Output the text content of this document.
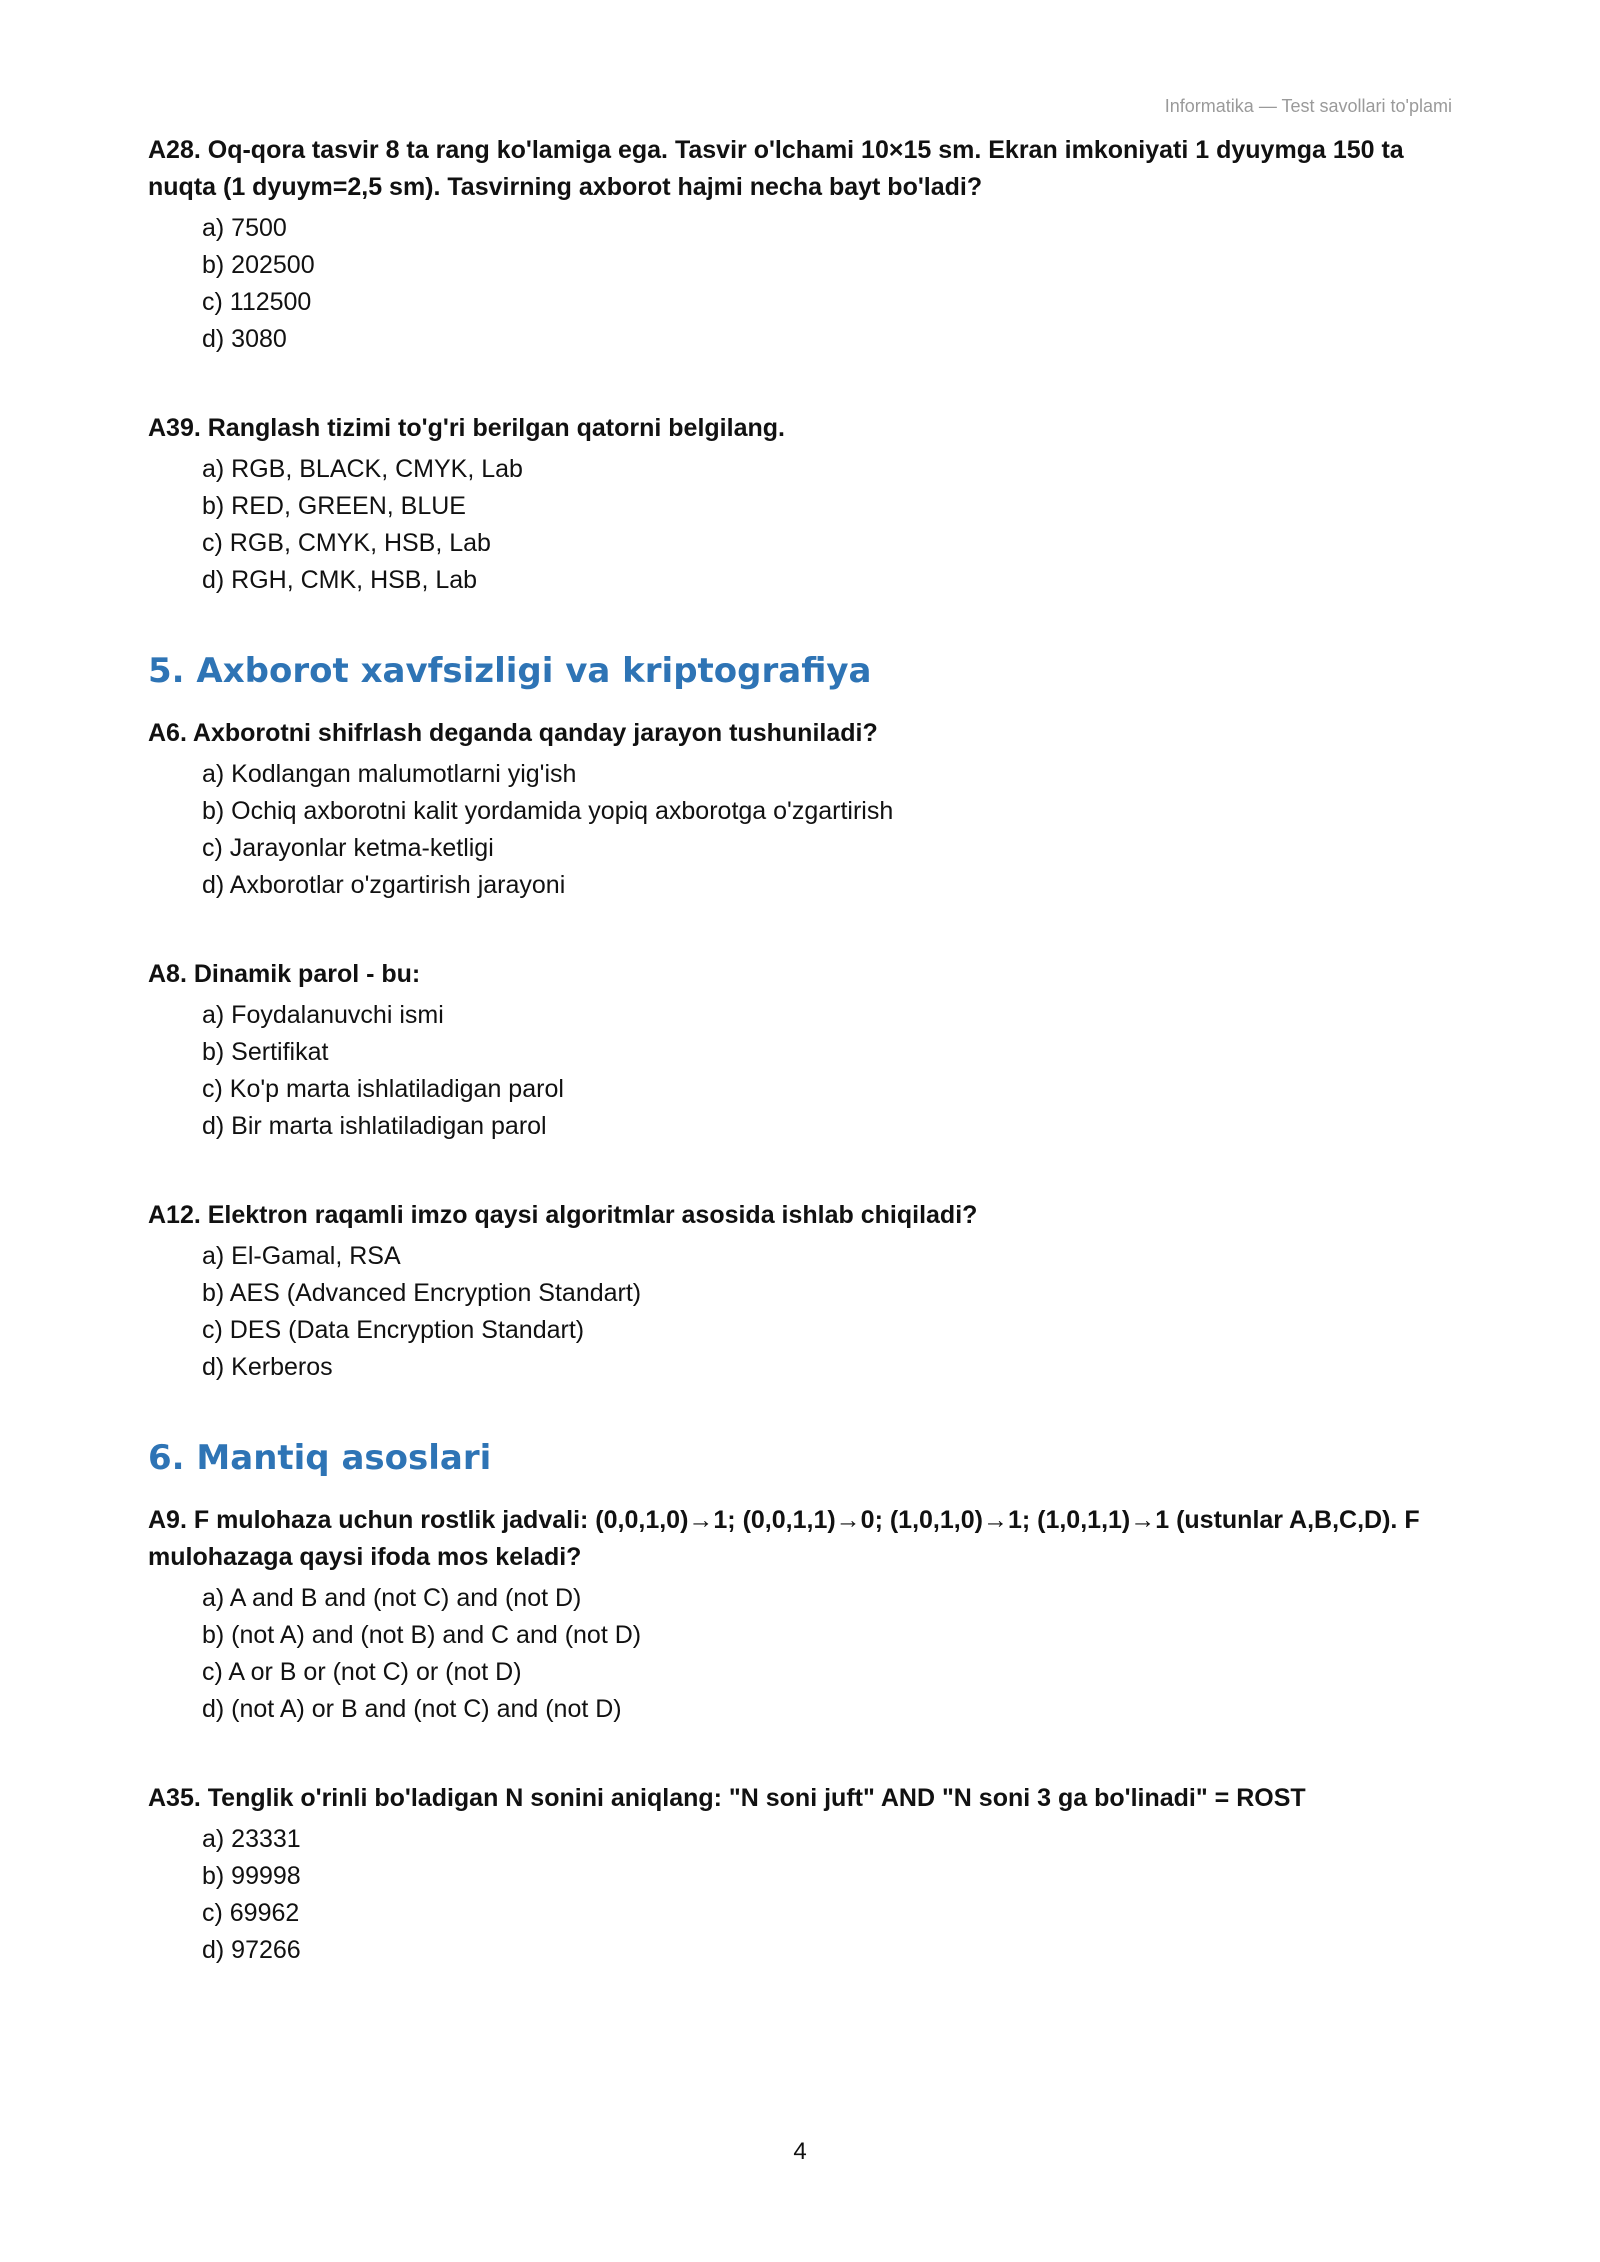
Informatika — Test savollari to'plami

A28. Oq-qora tasvir 8 ta rang ko'lamiga ega. Tasvir o'lchami 10×15 sm. Ekran imkoniyati 1 dyuymga 150 ta nuqta (1 dyuym=2,5 sm). Tasvirning axborot hajmi necha bayt bo'ladi?

a) 7500
b) 202500
c) 112500
d) 3080

A39. Ranglash tizimi to'g'ri berilgan qatorni belgilang.

a) RGB, BLACK, CMYK, Lab
b) RED, GREEN, BLUE
c) RGB, CMYK, HSB, Lab
d) RGH, CMK, HSB, Lab
5. Axborot xavfsizligi va kriptografiya

A6. Axborotni shifrlash deganda qanday jarayon tushuniladi?

a) Kodlangan malumotlarni yig'ish
b) Ochiq axborotni kalit yordamida yopiq axborotga o'zgartirish
c) Jarayonlar ketma-ketligi
d) Axborotlar o'zgartirish jarayoni

A8. Dinamik parol - bu:

a) Foydalanuvchi ismi
b) Sertifikat
c) Ko'p marta ishlatiladigan parol
d) Bir marta ishlatiladigan parol

A12. Elektron raqamli imzo qaysi algoritmlar asosida ishlab chiqiladi?

a) El-Gamal, RSA
b) AES (Advanced Encryption Standart)
c) DES (Data Encryption Standart)
d) Kerberos
6. Mantiq asoslari

A9. F mulohaza uchun rostlik jadvali: (0,0,1,0)→1; (0,0,1,1)→0; (1,0,1,0)→1; (1,0,1,1)→1 (ustunlar A,B,C,D). F mulohazaga qaysi ifoda mos keladi?

a) A and B and (not C) and (not D)
b) (not A) and (not B) and C and (not D)
c) A or B or (not C) or (not D)
d) (not A) or B and (not C) and (not D)

A35. Tenglik o'rinli bo'ladigan N sonini aniqlang: "N soni juft" AND "N soni 3 ga bo'linadi" = ROST

a) 23331
b) 99998
c) 69962
d) 97266
4
